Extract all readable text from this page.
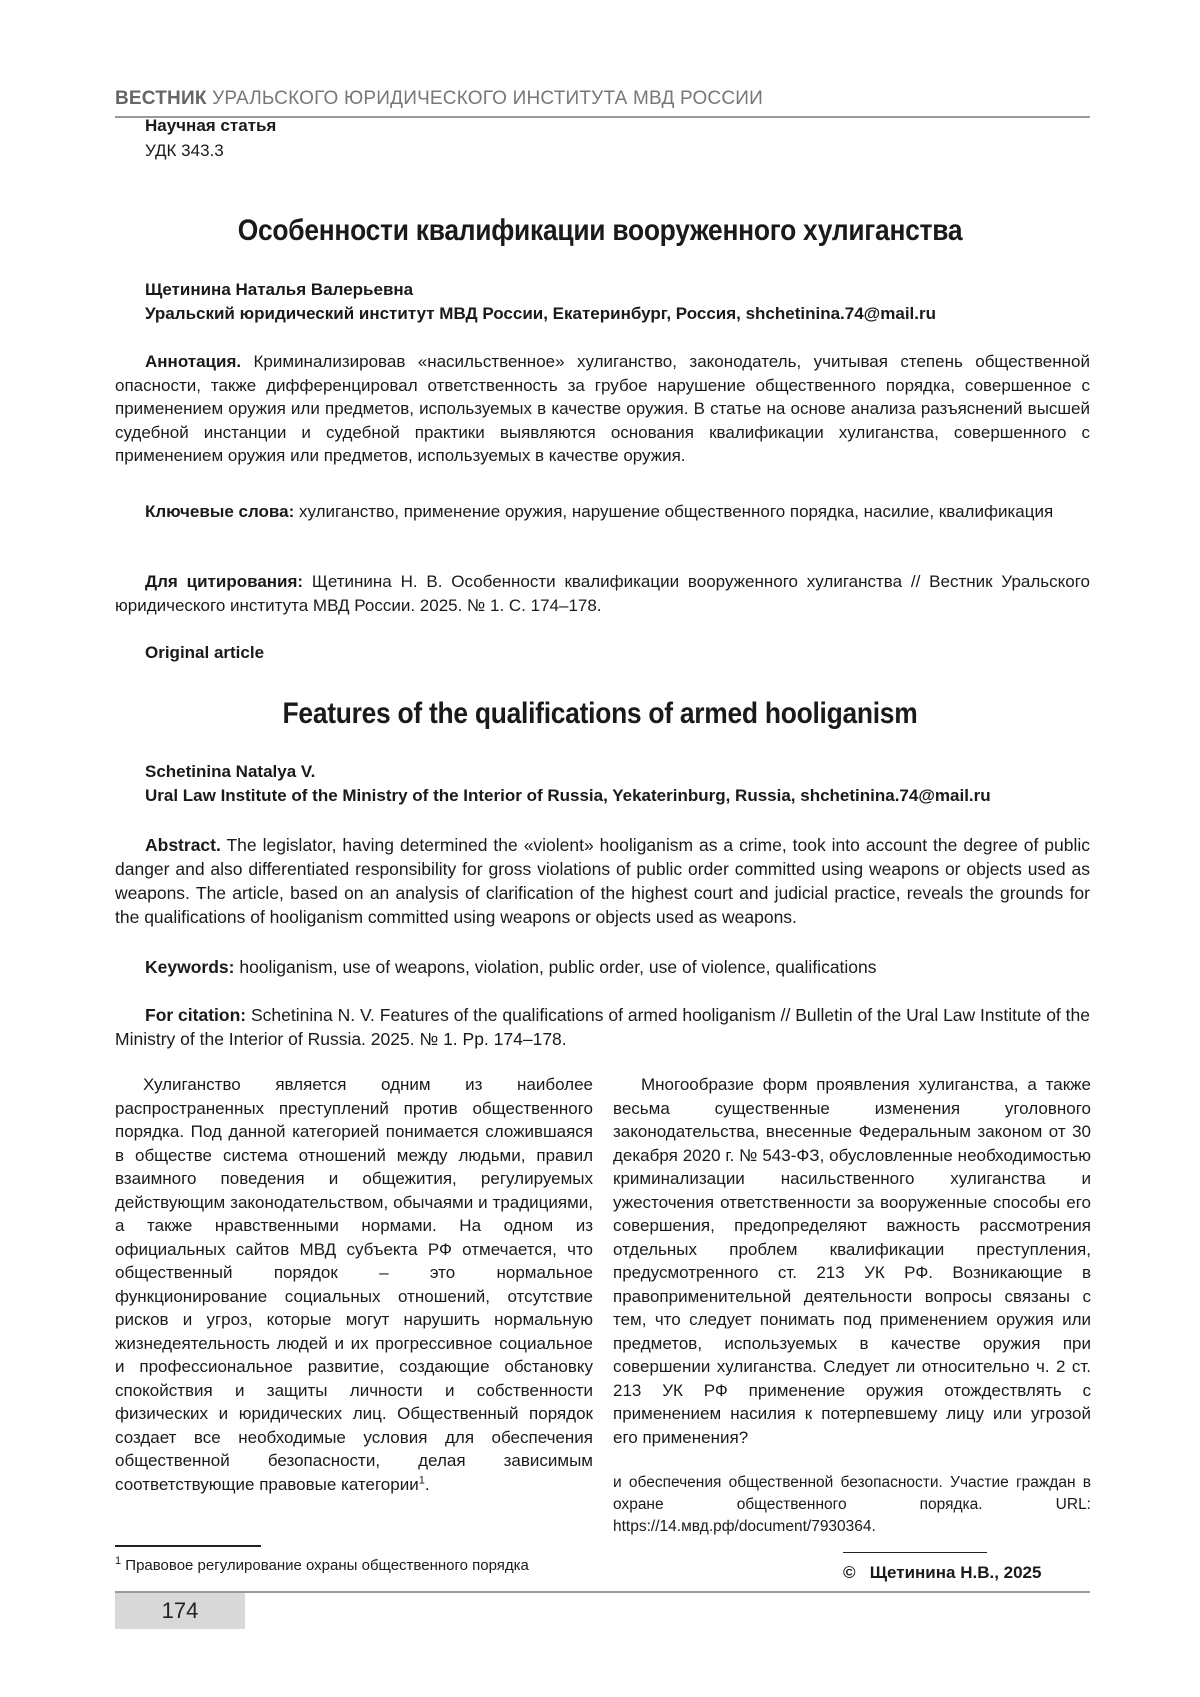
ВЕСТНИК УРАЛЬСКОГО ЮРИДИЧЕСКОГО ИНСТИТУТА МВД РОССИИ
Научная статья
УДК 343.3
Особенности квалификации вооруженного хулиганства
Щетинина Наталья Валерьевна
Уральский юридический институт МВД России, Екатеринбург, Россия, shchetinina.74@mail.ru
Аннотация. Криминализировав «насильственное» хулиганство, законодатель, учитывая степень общественной опасности, также дифференцировал ответственность за грубое нарушение общественного порядка, совершенное с применением оружия или предметов, используемых в качестве оружия. В статье на основе анализа разъяснений высшей судебной инстанции и судебной практики выявляются основания квалификации хулиганства, совершенного с применением оружия или предметов, используемых в качестве оружия.
Ключевые слова: хулиганство, применение оружия, нарушение общественного порядка, насилие, квалификация
Для цитирования: Щетинина Н. В. Особенности квалификации вооруженного хулиганства // Вестник Уральского юридического института МВД России. 2025. № 1. С. 174–178.
Original article
Features of the qualifications of armed hooliganism
Schetinina Natalya V.
Ural Law Institute of the Ministry of the Interior of Russia, Yekaterinburg, Russia, shchetinina.74@mail.ru
Abstract. The legislator, having determined the «violent» hooliganism as a crime, took into account the degree of public danger and also differentiated responsibility for gross violations of public order committed using weapons or objects used as weapons. The article, based on an analysis of clarification of the highest court and judicial practice, reveals the grounds for the qualifications of hooliganism committed using weapons or objects used as weapons.
Keywords: hooliganism, use of weapons, violation, public order, use of violence, qualifications
For citation: Schetinina N. V. Features of the qualifications of armed hooliganism // Bulletin of the Ural Law Institute of the Ministry of the Interior of Russia. 2025. № 1. Pp. 174–178.
Хулиганство является одним из наиболее распространенных преступлений против общественного порядка. Под данной категорией понимается сложившаяся в обществе система отношений между людьми, правил взаимного поведения и общежития, регулируемых действующим законодательством, обычаями и традициями, а также нравственными нормами. На одном из официальных сайтов МВД субъекта РФ отмечается, что общественный порядок – это нормальное функционирование социальных отношений, отсутствие рисков и угроз, которые могут нарушить нормальную жизнедеятельность людей и их прогрессивное социальное и профессиональное развитие, создающие обстановку спокойствия и защиты личности и собственности физических и юридических лиц. Общественный порядок создает все необходимые условия для обеспечения общественной безопасности, делая зависимым соответствующие правовые категории$^1$.
Многообразие форм проявления хулиганства, а также весьма существенные изменения уголовного законодательства, внесенные Федеральным законом от 30 декабря 2020 г. № 543-ФЗ, обусловленные необходимостью криминализации насильственного хулиганства и ужесточения ответственности за вооруженные способы его совершения, предопределяют важность рассмотрения отдельных проблем квалификации преступления, предусмотренного ст. 213 УК РФ. Возникающие в правоприменительной деятельности вопросы связаны с тем, что следует понимать под применением оружия или предметов, используемых в качестве оружия при совершении хулиганства. Следует ли относительно ч. 2 ст. 213 УК РФ применение оружия отождествлять с применением насилия к потерпевшему лицу или угрозой его применения?
$^1$ Правовое регулирование охраны общественного порядка
и обеспечения общественной безопасности. Участие граждан в охране общественного порядка. URL: https://14.мвд.рф/document/7930364.
©   Щетинина Н.В., 2025
174
